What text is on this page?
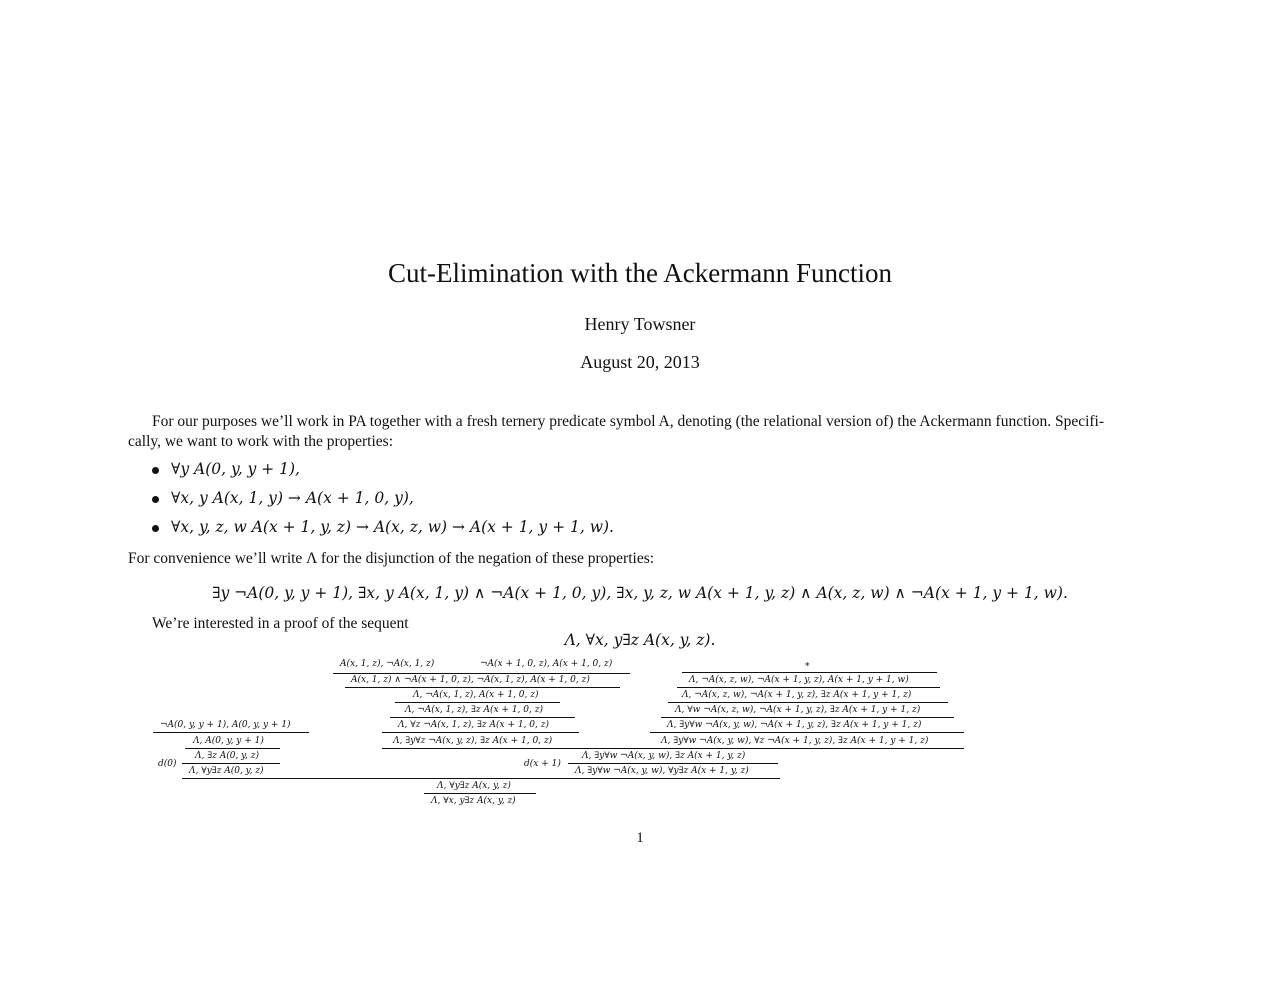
Cut-Elimination with the Ackermann Function
Henry Towsner
August 20, 2013
For our purposes we’ll work in PA together with a fresh ternery predicate symbol A, denoting (the relational version of) the Ackermann function. Specifi-
cally, we want to work with the properties:
∀y A(0, y, y + 1),
∀x, y A(x, 1, y) → A(x + 1, 0, y),
∀x, y, z, w A(x + 1, y, z) → A(x, z, w) → A(x + 1, y + 1, w).
For convenience we’ll write Λ for the disjunction of the negation of these properties:
∃y ¬A(0, y, y + 1), ∃x, y A(x, 1, y) ∧ ¬A(x + 1, 0, y), ∃x, y, z, w A(x + 1, y, z) ∧ A(x, z, w) ∧ ¬A(x + 1, y + 1, w).
We’re interested in a proof of the sequent
Λ, ∀x, y∃z A(x, y, z).
A(x, 1, z), ¬A(x, 1, z)	¬A(x + 1, 0, z), A(x + 1, 0, z)
A(x, 1, z) ∧ ¬A(x + 1, 0, z), ¬A(x, 1, z), A(x + 1, 0, z)
Λ, ¬A(x, 1, z), A(x + 1, 0, z)
Λ, ¬A(x, 1, z), ∃z A(x + 1, 0, z)
Λ, ∀z ¬A(x, 1, z), ∃z A(x + 1, 0, z)
Λ, ∃y∀z ¬A(x, y, z), ∃z A(x + 1, 0, z)
*
Λ, ¬A(x, z, w), ¬A(x + 1, y, z), A(x + 1, y + 1, w)
Λ, ¬A(x, z, w), ¬A(x + 1, y, z), ∃z A(x + 1, y + 1, z)
Λ, ∀w ¬A(x, z, w), ¬A(x + 1, y, z), ∃z A(x + 1, y + 1, z)
Λ, ∃y∀w ¬A(x, y, w), ¬A(x + 1, y, z), ∃z A(x + 1, y + 1, z)
Λ, ∃y∀w ¬A(x, y, w), ∀z ¬A(x + 1, y, z), ∃z A(x + 1, y + 1, z)
¬A(0, y, y + 1), A(0, y, y + 1)
Λ, A(0, y, y + 1)
Λ, ∃z A(0, y, z)
d(0)
Λ, ∀y∃z A(0, y, z)
Λ, ∃y∀w ¬A(x, y, w), ∃z A(x + 1, y, z)
d(x + 1)
Λ, ∃y∀w ¬A(x, y, w), ∀y∃z A(x + 1, y, z)
Λ, ∀y∃z A(x, y, z)
Λ, ∀x, y∃z A(x, y, z)
1
